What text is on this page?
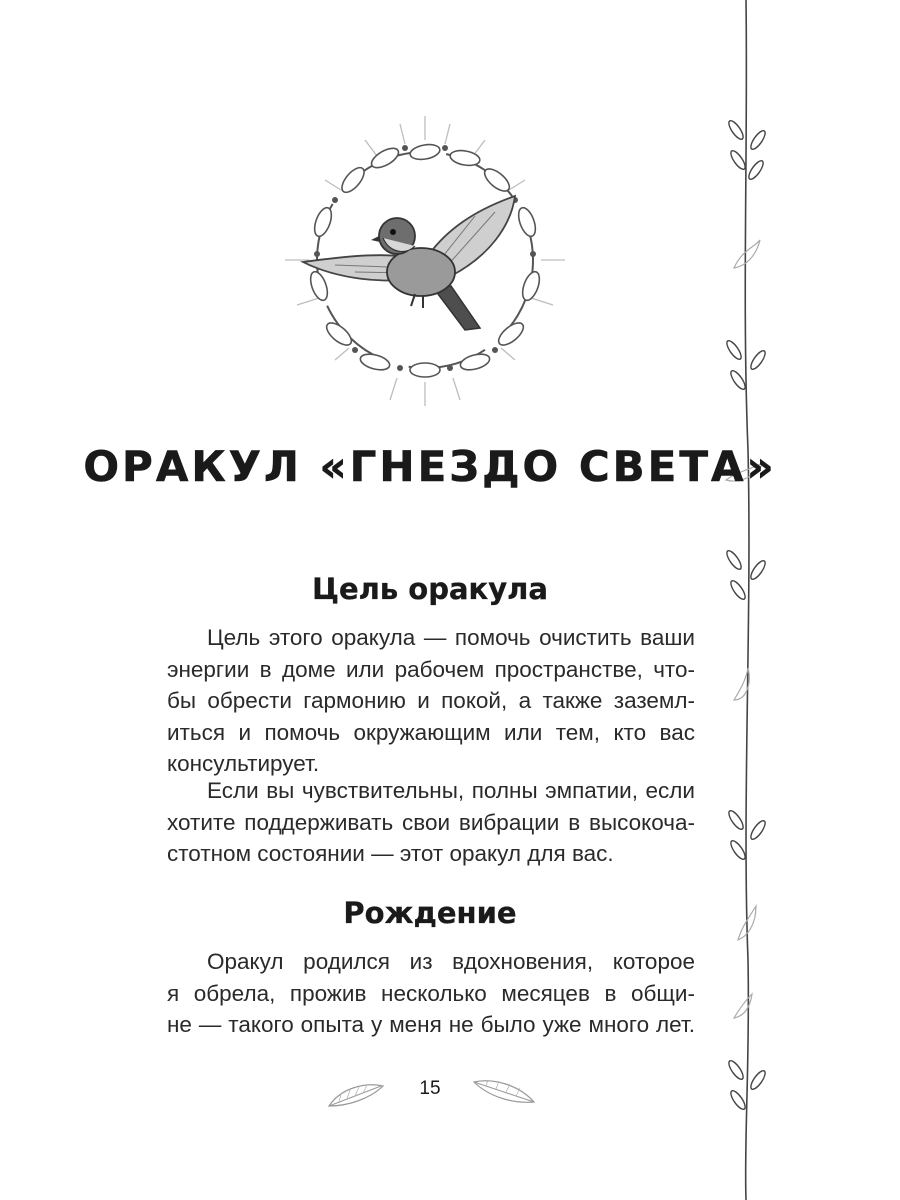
ОРАКУЛ «ГНЕЗДО СВЕТА»
Цель оракула
Цель этого оракула — помочь очистить ваши
энергии в доме или рабочем пространстве, что-
бы обрести гармонию и покой, а также заземл-
иться и помочь окружающим или тем, кто вас
консультирует.
Если вы чувствительны, полны эмпатии, если
хотите поддерживать свои вибрации в высокоча-
стотном состоянии — этот оракул для вас.
Рождение
Оракул родился из вдохновения, которое
я обрела, прожив несколько месяцев в общи-
не — такого опыта у меня не было уже много лет.
15
